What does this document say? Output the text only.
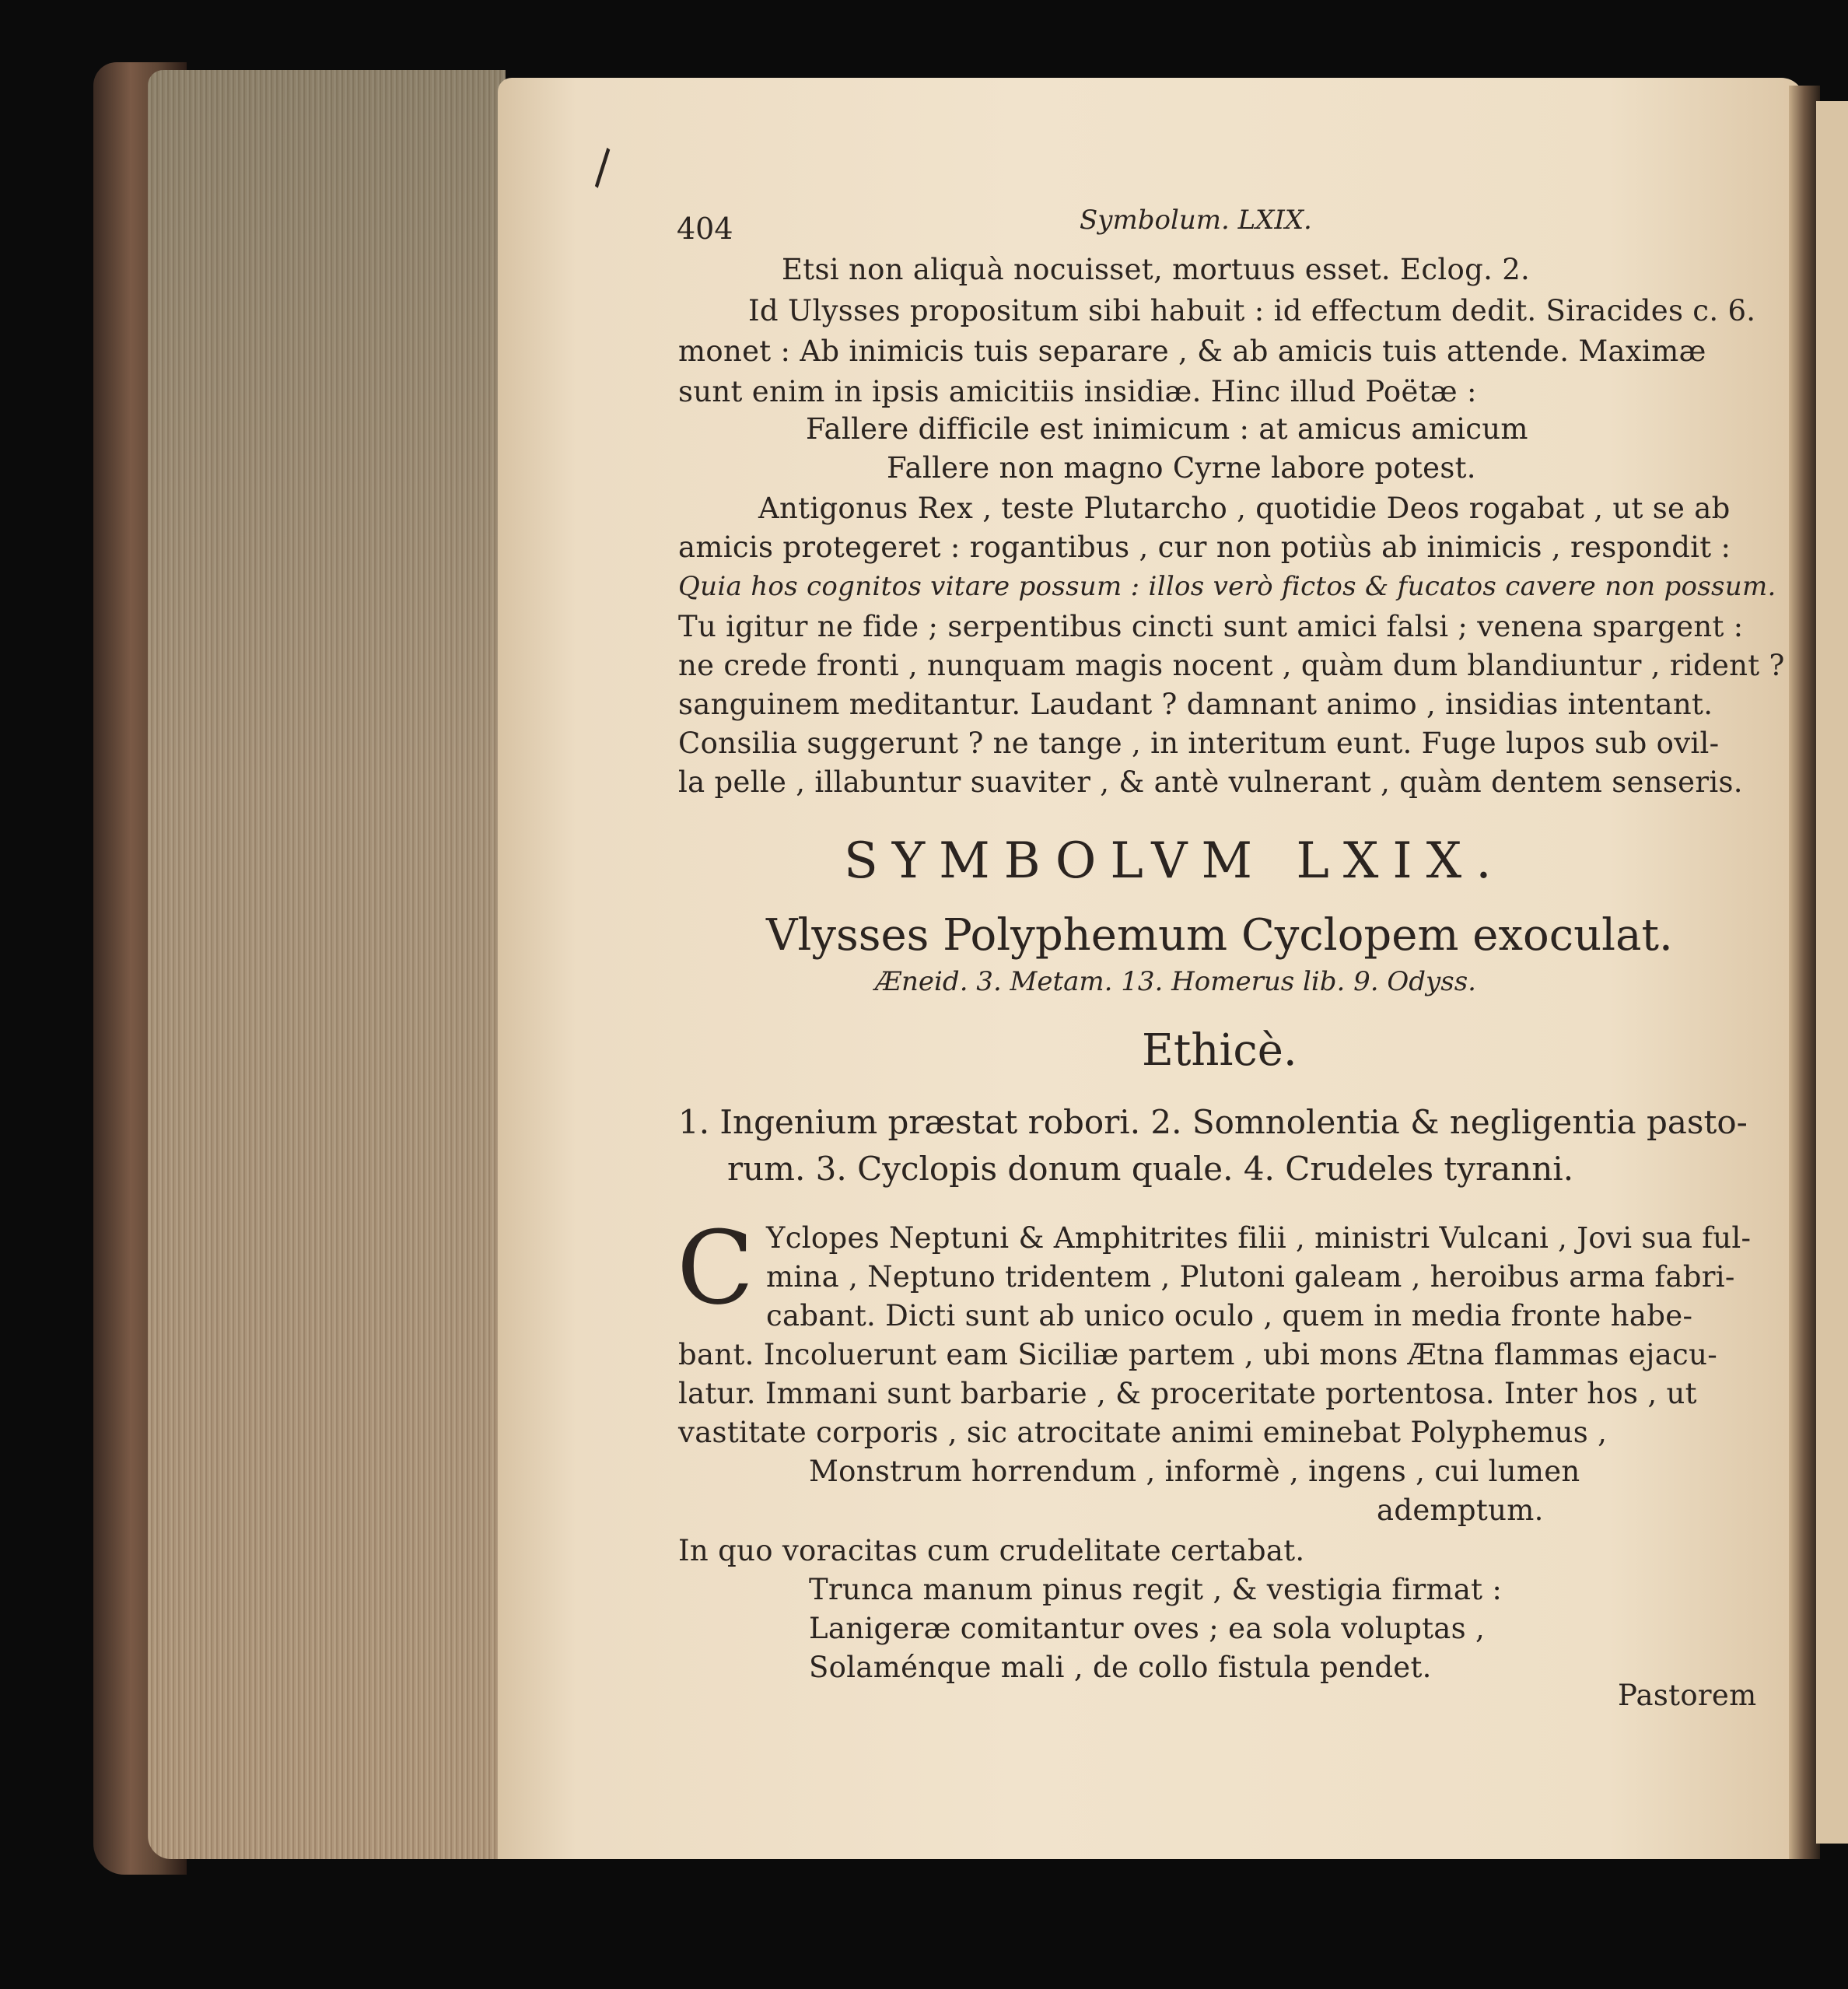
\
404	Symbolum. LXIX.
Etsi non aliquà nocuisset, mortuus esset. Eclog. 2.
Id Ulysses propositum sibi habuit : id effectum dedit. Siracides c. 6.
monet : Ab inimicis tuis separare , & ab amicis tuis attende. Maximæ
sunt enim in ipsis amicitiis insidiæ. Hinc illud Poëtæ :
Fallere difficile est inimicum : at amicus amicum
Fallere non magno Cyrne labore potest.
Antigonus Rex , teste Plutarcho , quotidie Deos rogabat , ut se ab
amicis protegeret : rogantibus , cur non potiùs ab inimicis , respondit :
Quia hos cognitos vitare possum : illos verò fictos & fucatos cavere non possum.
Tu igitur ne fide ; serpentibus cincti sunt amici falsi ; venena spargent :
ne crede fronti , nunquam magis nocent , quàm dum blandiuntur , rident ?
sanguinem meditantur. Laudant ? damnant animo , insidias intentant.
Consilia suggerunt ? ne tange , in interitum eunt. Fuge lupos sub ovil-
la pelle , illabuntur suaviter , & antè vulnerant , quàm dentem senseris.
SYMBOLVM LXIX.
Vlysses Polyphemum Cyclopem exoculat.
Æneid. 3. Metam. 13. Homerus lib. 9. Odyss.
Ethicè.
1. Ingenium præstat robori. 2. Somnolentia & negligentia pasto-
rum. 3. Cyclopis donum quale. 4. Crudeles tyranni.
C Yclopes Neptuni & Amphitrites filii , ministri Vulcani , Jovi sua ful-
mina , Neptuno tridentem , Plutoni galeam , heroibus arma fabri-
cabant. Dicti sunt ab unico oculo , quem in media fronte habe-
bant. Incoluerunt eam Siciliæ partem , ubi mons Ætna flammas ejacu-
latur. Immani sunt barbarie , & proceritate portentosa. Inter hos , ut
vastitate corporis , sic atrocitate animi eminebat Polyphemus ,
Monstrum horrendum , informè , ingens , cui lumen
ademptum.
In quo voracitas cum crudelitate certabat.
Trunca manum pinus regit , & vestigia firmat :
Lanigeræ comitantur oves ; ea sola voluptas ,
Solaménque mali , de collo fistula pendet.
Pastorem
